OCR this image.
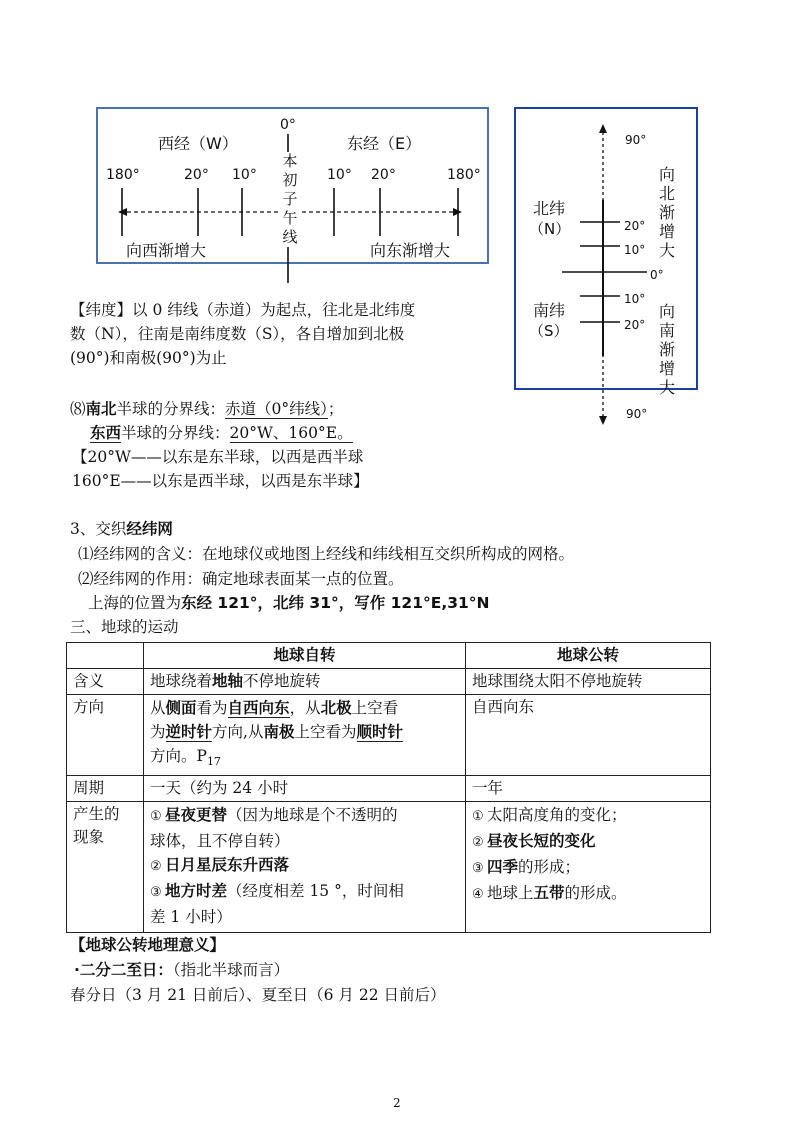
0°
西经（W）	东经（E）
180°	20° 10°	10° 20°	180°
本
初
子
午
线
向西渐增大	向东渐增大
90°
90°
北纬
（N）
南纬
（S）
20°
10°
0°
10°
20°
向
北
渐
增
大
向
南
渐
增
大
【纬度】以 0 纬线（赤道）为起点，往北是北纬度
数（N），往南是南纬度数（S），各自增加到北极
(90°)和南极(90°)为止
⑻南北半球的分界线：赤道（0°纬线）；
东西半球的分界线：20°W、160°E。
【20°W——以东是东半球，以西是西半球
160°E——以东是西半球，以西是东半球】
3、交织经纬网
⑴经纬网的含义：在地球仪或地图上经线和纬线相互交织所构成的网格。
⑵经纬网的作用：确定地球表面某一点的位置。
上海的位置为东经 121°，北纬 31°，写作 121°E,31°N
三、地球的运动
	地球自转	地球公转
含义	地球绕着地轴不停地旋转	地球围绕太阳不停地旋转
方向	从侧面看为自西向东，从北极上空看
为逆时针方向,从南极上空看为顺时针
方向。$P_{17}$	自西向东
周期	一天（约为 24 小时	一年
产生的
现象	① 昼夜更替（因为地球是个不透明的
球体，且不停自转）
② 日月星辰东升西落
③ 地方时差（经度相差 15 °，时间相
差 1 小时）	① 太阳高度角的变化；
② 昼夜长短的变化
③ 四季的形成；
④ 地球上五带的形成。
【地球公转地理意义】
·二分二至日：（指北半球而言）
春分日（3 月 21 日前后）、夏至日（6 月 22 日前后）
2
